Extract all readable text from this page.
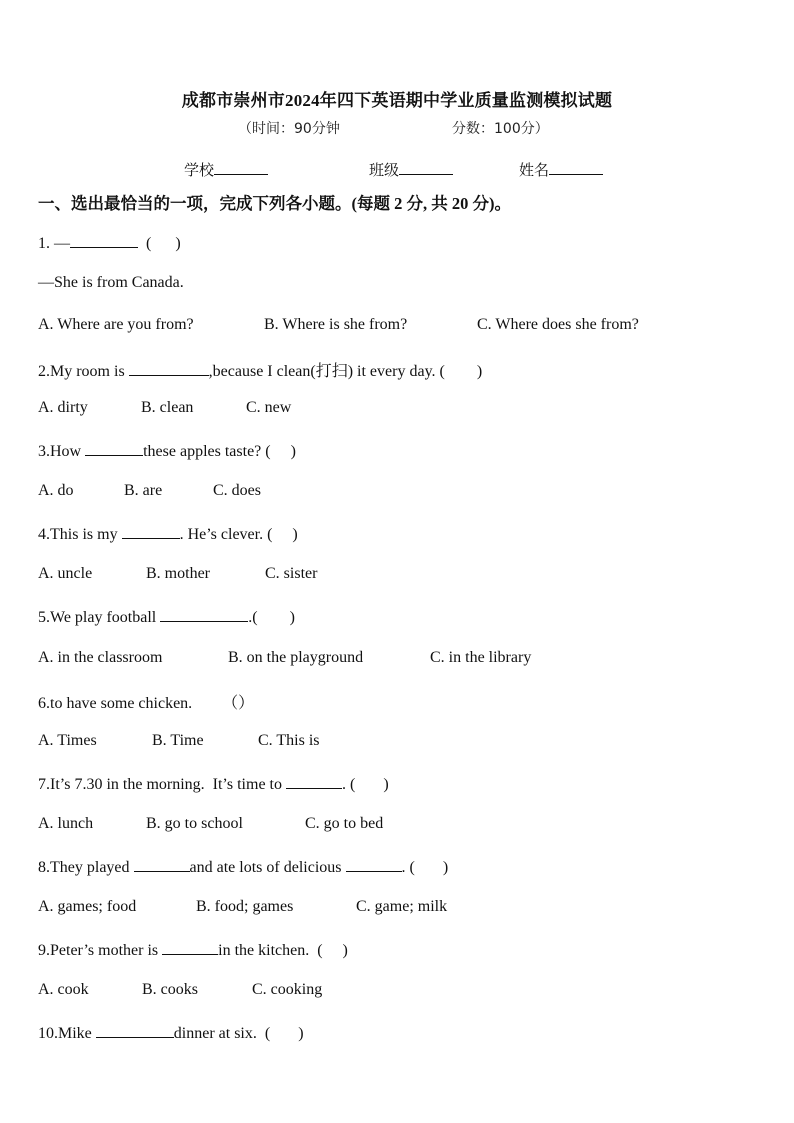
成都市崇州市2024年四下英语期中学业质量监测模拟试题
（时间：90分钟	分数：100分）
学校	班级	姓名
一、选出最恰当的一项，完成下列各小题。(每题 2 分, 共 20 分)。
1. —	(      )
—She is from Canada.
A. Where are you from?	B. Where is she from?	C. Where does she from?
2.My room is	,because I clean(打扫) it every day. (        )
A. dirty	B. clean	C. new
3.How	these apples taste? (     )
A. do	B. are	C. does
4.This is my	. He’s clever. (     )
A. uncle	B. mother	C. sister
5.We play football	.(        )
A. in the classroom	B. on the playground	C. in the library
6.to have some chicken. （）
A. Times	B. Time	C. This is
7.It’s 7.30 in the morning.  It’s time to	. (       )
A. lunch	B. go to school	C. go to bed
8.They played	and ate lots of delicious	. (       )
A. games; food	B. food; games	C. game; milk
9.Peter’s mother is	in the kitchen.  (     )
A. cook	B. cooks	C. cooking
10.Mike	dinner at six.  (       )
